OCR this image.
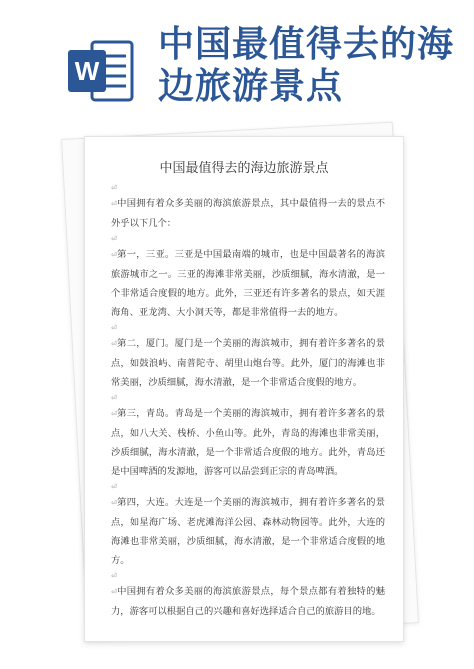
W
中国最值得去的海边旅游景点
中国最值得去的海边旅游景点
⏎

⏎中国拥有着众多美丽的海滨旅游景点，其中最值得一去的景点不外乎以下几个：

⏎

⏎第一，三亚。三亚是中国最南端的城市，也是中国最著名的海滨旅游城市之一。三亚的海滩非常美丽，沙质细腻，海水清澈，是一个非常适合度假的地方。此外，三亚还有许多著名的景点，如天涯海角、亚龙湾、大小洞天等，都是非常值得一去的地方。

⏎

⏎第二，厦门。厦门是一个美丽的海滨城市，拥有着许多著名的景点，如鼓浪屿、南普陀寺、胡里山炮台等。此外，厦门的海滩也非常美丽，沙质细腻，海水清澈，是一个非常适合度假的地方。

⏎

⏎第三，青岛。青岛是一个美丽的海滨城市，拥有着许多著名的景点，如八大关、栈桥、小鱼山等。此外，青岛的海滩也非常美丽，沙质细腻，海水清澈，是一个非常适合度假的地方。此外，青岛还是中国啤酒的发源地，游客可以品尝到正宗的青岛啤酒。

⏎

⏎第四，大连。大连是一个美丽的海滨城市，拥有着许多著名的景点，如星海广场、老虎滩海洋公园、森林动物园等。此外，大连的海滩也非常美丽，沙质细腻，海水清澈，是一个非常适合度假的地方。

⏎

⏎中国拥有着众多美丽的海滨旅游景点，每个景点都有着独特的魅力，游客可以根据自己的兴趣和喜好选择适合自己的旅游目的地。
